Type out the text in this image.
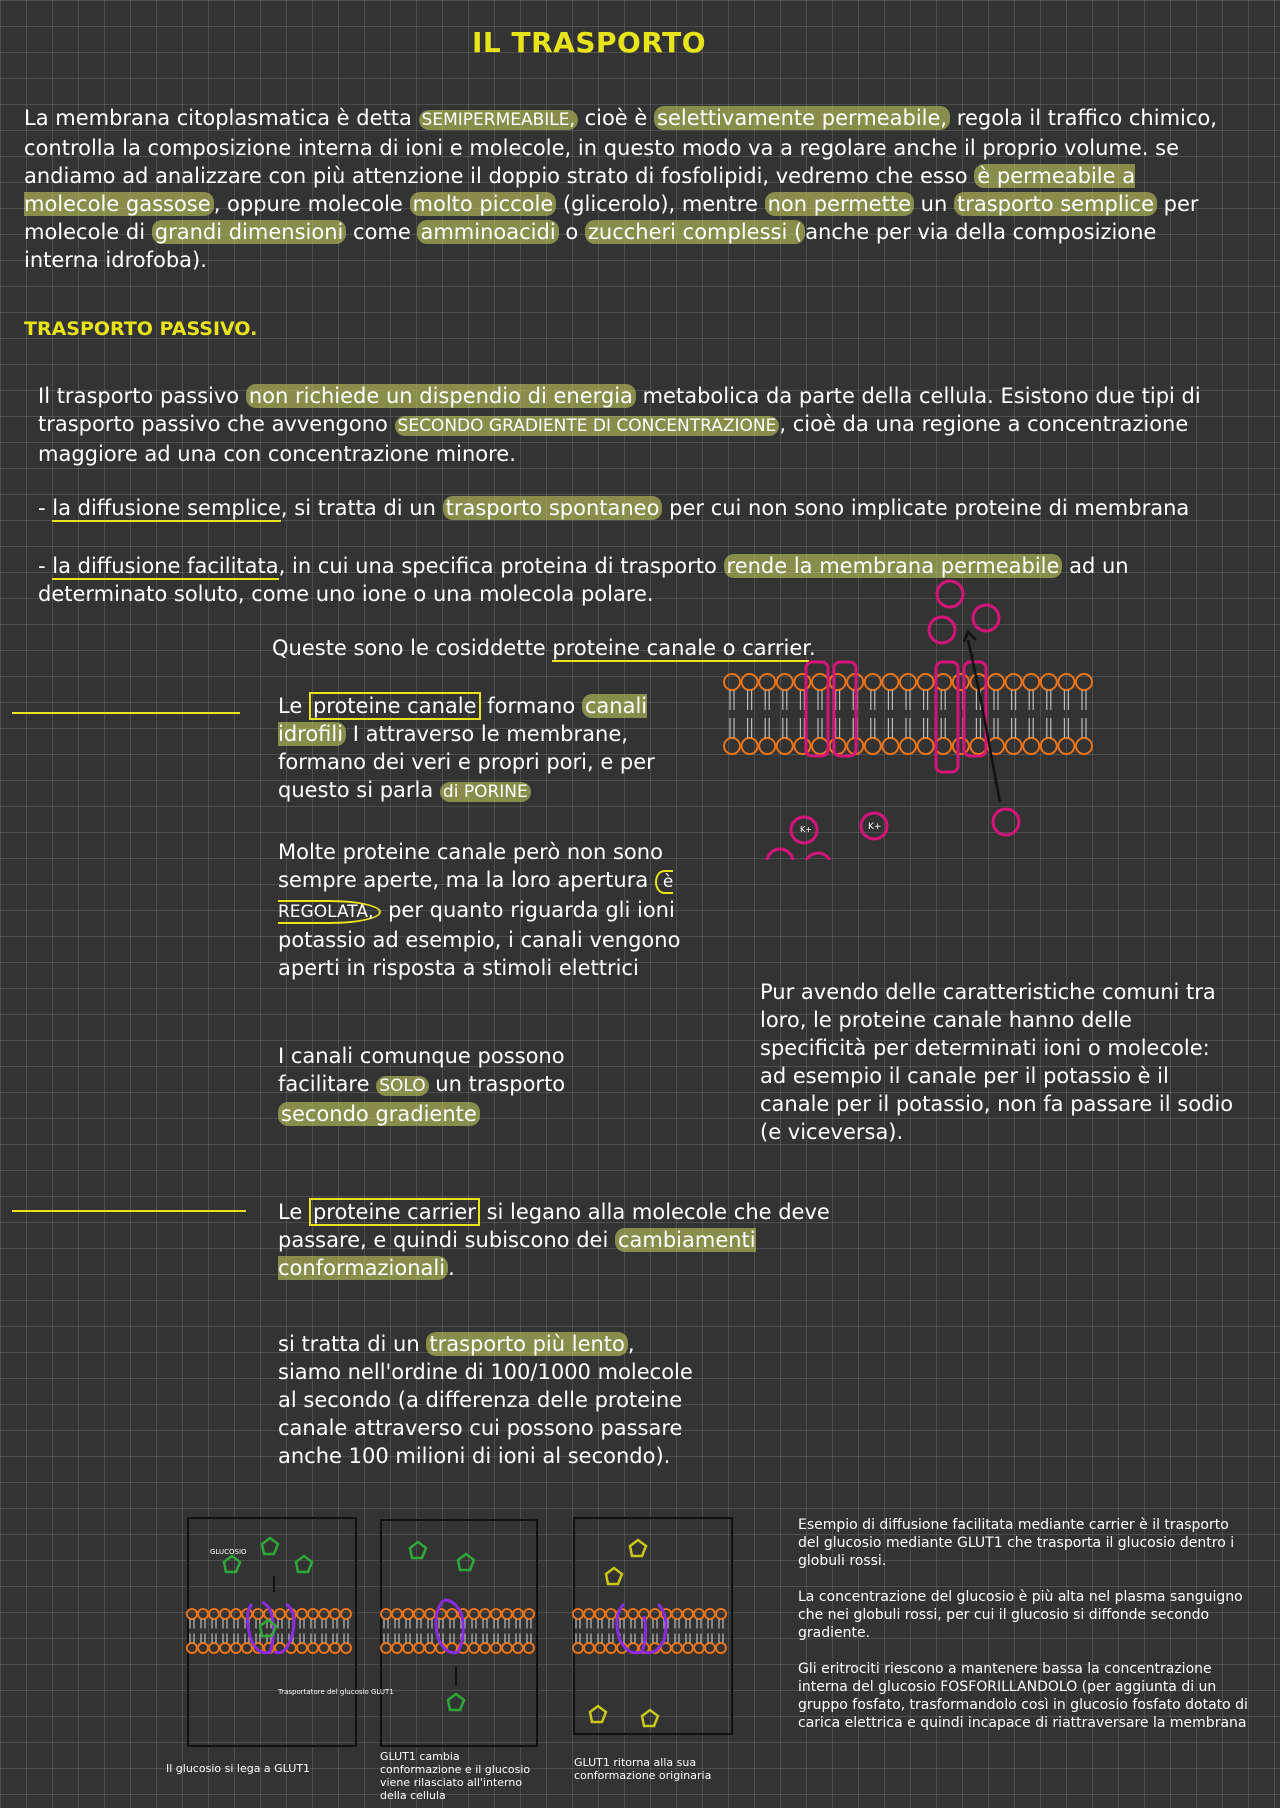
IL TRASPORTO
La membrana citoplasmatica è detta SEMIPERMEABILE, cioè è selettivamente permeabile, regola il traffico chimico, controlla la composizione interna di ioni e molecole, in questo modo va a regolare anche il proprio volume. se andiamo ad analizzare con più attenzione il doppio strato di fosfolipidi, vedremo che esso è permeabile a molecole gassose , oppure molecole molto piccole (glicerolo), mentre non permette un trasporto semplice per molecole di grandi dimensioni come amminoacidi o zuccheri complessi ( anche per via della composizione interna idrofoba).
TRASPORTO PASSIVO.
Il trasporto passivo non richiede un dispendio di energia metabolica da parte della cellula. Esistono due tipi di trasporto passivo che avvengono SECONDO GRADIENTE DI CONCENTRAZIONE , cioè da una regione a concentrazione maggiore ad una con concentrazione minore.
- la diffusione semplice, si tratta di un trasporto spontaneo per cui non sono implicate proteine di membrana
- la diffusione facilitata, in cui una specifica proteina di trasporto rende la membrana permeabile ad un determinato soluto, come uno ione o una molecola polare.
Queste sono le cosiddette proteine canale o carrier.
Le proteine canale formano canali idrofili I attraverso le membrane, formano dei veri e propri pori, e per questo si parla di PORINE
Molte proteine canale però non sono sempre aperte, ma la loro apertura è REGOLATA, per quanto riguarda gli ioni potassio ad esempio, i canali vengono aperti in risposta a stimoli elettrici
I canali comunque possono facilitare SOLO un trasporto secondo gradiente
Pur avendo delle caratteristiche comuni tra loro, le proteine canale hanno delle specificità per determinati ioni o molecole: ad esempio il canale per il potassio è il canale per il potassio, non fa passare il sodio (e viceversa).
K+	K+
Le proteine carrier si legano alla molecole che deve passare, e quindi subiscono dei cambiamenti conformazionali .
si tratta di un trasporto più lento , siamo nell'ordine di 100/1000 molecole al secondo (a differenza delle proteine canale attraverso cui possono passare anche 100 milioni di ioni al secondo).
GLUCOSIO
Trasportatore del glucosio GLUT1
Il glucosio si lega a GLUT1
GLUT1 cambia conformazione e il glucosio viene rilasciato all'interno della cellula
GLUT1 ritorna alla sua conformazione originaria
Esempio di diffusione facilitata mediante carrier è il trasporto del glucosio mediante GLUT1 che trasporta il glucosio dentro i globuli rossi.
La concentrazione del glucosio è più alta nel plasma sanguigno che nei globuli rossi, per cui il glucosio si diffonde secondo gradiente.
Gli eritrociti riescono a mantenere bassa la concentrazione interna del glucosio FOSFORILLANDOLO (per aggiunta di un gruppo fosfato, trasformandolo così in glucosio fosfato dotato di carica elettrica e quindi incapace di riattraversare la membrana
